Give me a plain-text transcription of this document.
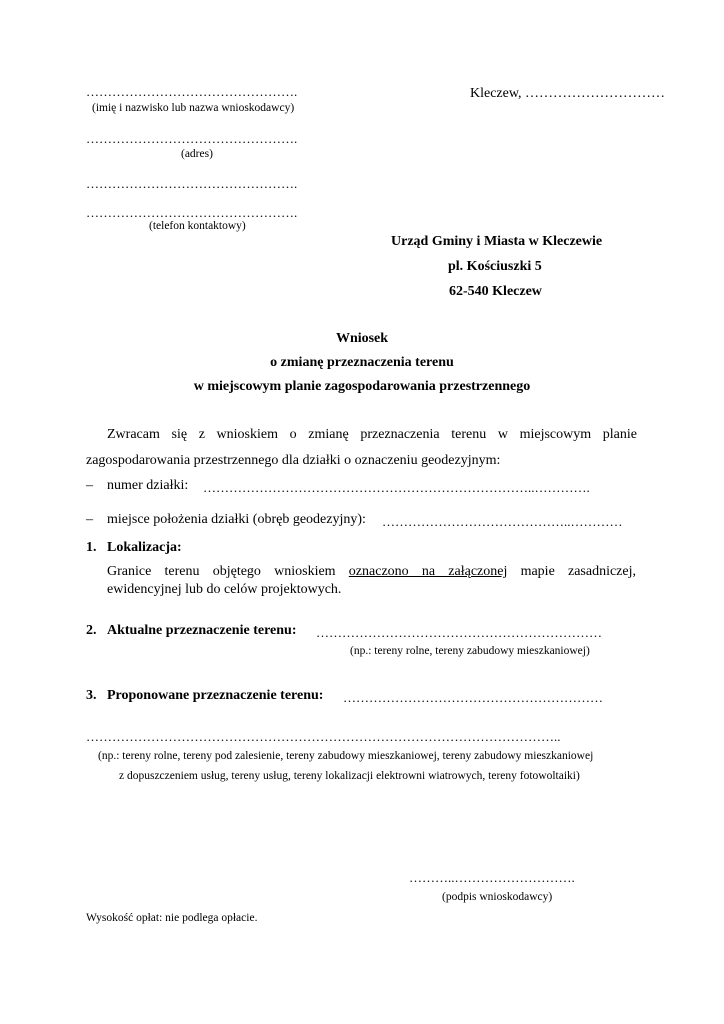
………………………………………….
(imię i nazwisko lub nazwa wnioskodawcy)
………………………………………….
(adres)
………………………………………….
………………………………………….
(telefon kontaktowy)
Kleczew, …………………………
Urząd Gminy i Miasta w Kleczewie
pl. Kościuszki 5
62-540 Kleczew
Wniosek
o zmianę przeznaczenia terenu
w miejscowym planie zagospodarowania przestrzennego
Zwracam się z wnioskiem o zmianę przeznaczenia terenu w miejscowym planie
zagospodarowania przestrzennego dla działki o oznaczeniu geodezyjnym:
– numer działki: …………………………………………………………………..………….
– miejsce położenia działki (obręb geodezyjny): ……………………………………..…………
1. Lokalizacja:
Granice terenu objętego wnioskiem oznaczono na załączonej mapie zasadniczej,
ewidencyjnej lub do celów projektowych.
2. Aktualne przeznaczenie terenu: …………………………………………………………
(np.: tereny rolne, tereny zabudowy mieszkaniowej)
3. Proponowane przeznaczenie terenu: ……………………………………………………
………………………………………………………………………………………………..
(np.: tereny rolne, tereny pod zalesienie, tereny zabudowy mieszkaniowej, tereny zabudowy mieszkaniowej
z dopuszczeniem usług, tereny usług, tereny lokalizacji elektrowni wiatrowych, tereny fotowoltaiki)
………..……………………….
(podpis wnioskodawcy)
Wysokość opłat: nie podlega opłacie.
